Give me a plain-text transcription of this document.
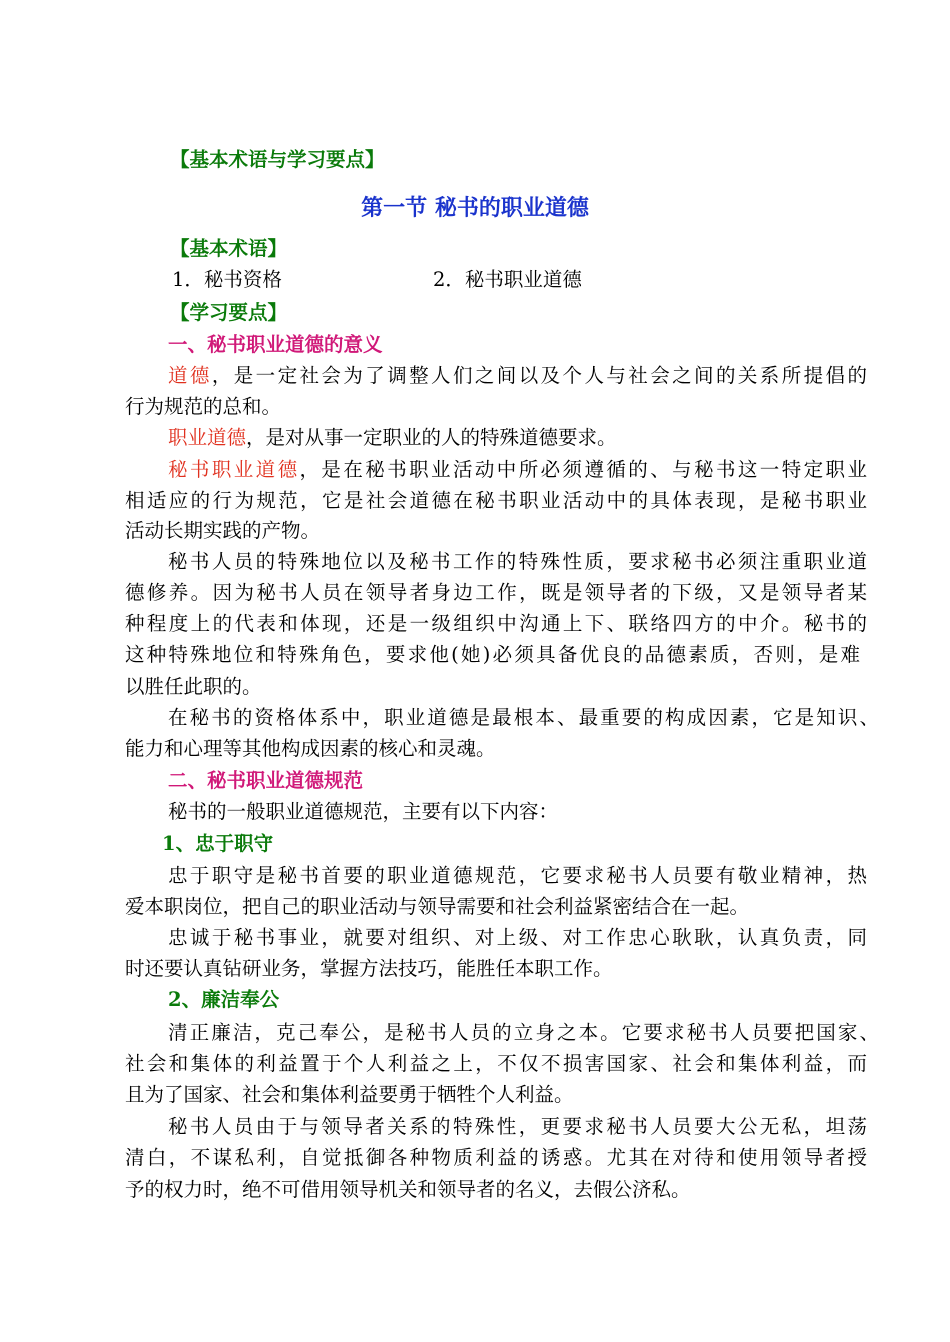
【基本术语与学习要点】
第一节 秘书的职业道德
【基本术语】
1．秘书资格	2．秘书职业道德
【学习要点】
一、秘书职业道德的意义
道德，是一定社会为了调整人们之间以及个人与社会之间的关系所提倡的
行为规范的总和。
职业道德，是对从事一定职业的人的特殊道德要求。
秘书职业道德，是在秘书职业活动中所必须遵循的、与秘书这一特定职业
相适应的行为规范，它是社会道德在秘书职业活动中的具体表现，是秘书职业
活动长期实践的产物。
秘书人员的特殊地位以及秘书工作的特殊性质，要求秘书必须注重职业道
德修养。因为秘书人员在领导者身边工作，既是领导者的下级，又是领导者某
种程度上的代表和体现，还是一级组织中沟通上下、联络四方的中介。秘书的
这种特殊地位和特殊角色，要求他(她)必须具备优良的品德素质，否则，是难
以胜任此职的。
在秘书的资格体系中，职业道德是最根本、最重要的构成因素，它是知识、
能力和心理等其他构成因素的核心和灵魂。
二、秘书职业道德规范
秘书的一般职业道德规范，主要有以下内容：
1、忠于职守
忠于职守是秘书首要的职业道德规范，它要求秘书人员要有敬业精神，热
爱本职岗位，把自己的职业活动与领导需要和社会利益紧密结合在一起。
忠诚于秘书事业，就要对组织、对上级、对工作忠心耿耿，认真负责，同
时还要认真钻研业务，掌握方法技巧，能胜任本职工作。
2、廉洁奉公
清正廉洁，克己奉公，是秘书人员的立身之本。它要求秘书人员要把国家、
社会和集体的利益置于个人利益之上，不仅不损害国家、社会和集体利益，而
且为了国家、社会和集体利益要勇于牺牲个人利益。
秘书人员由于与领导者关系的特殊性，更要求秘书人员要大公无私，坦荡
清白，不谋私利，自觉抵御各种物质利益的诱惑。尤其在对待和使用领导者授
予的权力时，绝不可借用领导机关和领导者的名义，去假公济私。
